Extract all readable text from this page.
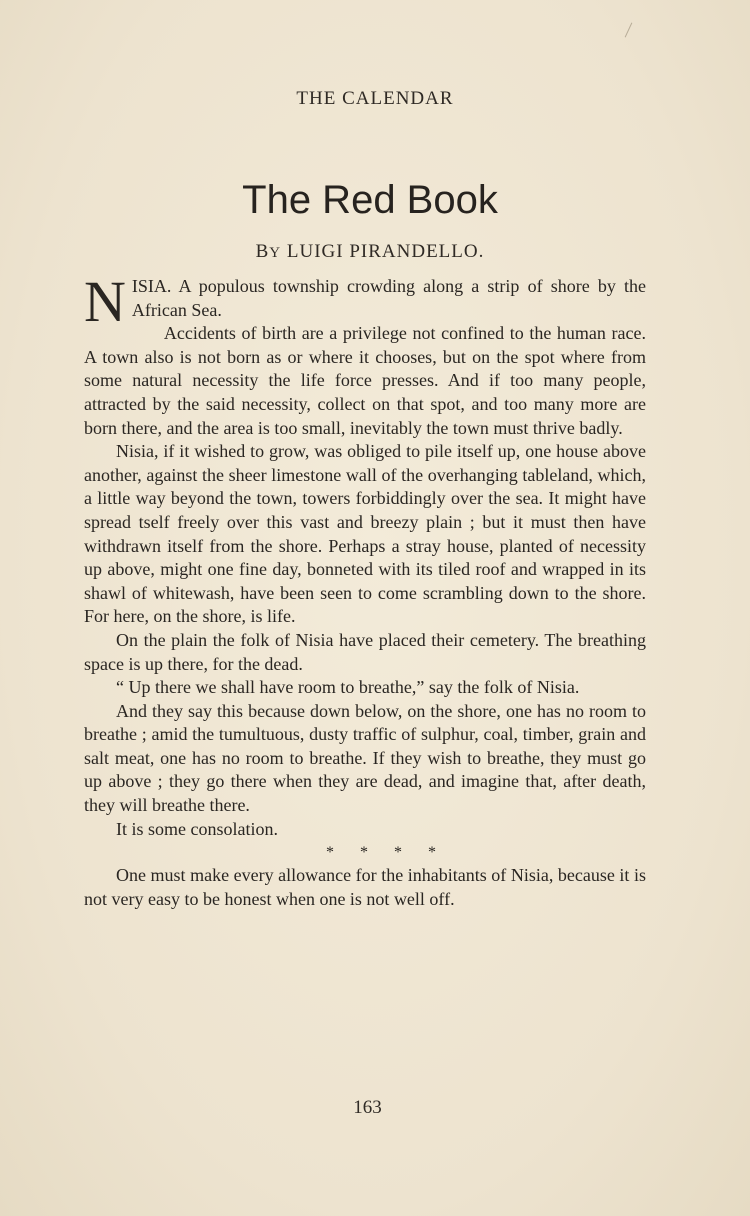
THE CALENDAR
The Red Book
BY LUIGI PIRANDELLO.

NISIA. A populous township crowding along a strip of shore by the African Sea.

Accidents of birth are a privilege not confined to the human race. A town also is not born as or where it chooses, but on the spot where from some natural necessity the life force presses. And if too many people, attracted by the said necessity, collect on that spot, and too many more are born there, and the area is too small, inevitably the town must thrive badly.

Nisia, if it wished to grow, was obliged to pile itself up, one house above another, against the sheer limestone wall of the overhanging tableland, which, a little way beyond the town, towers forbiddingly over the sea. It might have spread tself freely over this vast and breezy plain ; but it must then have withdrawn itself from the shore. Perhaps a stray house, planted of necessity up above, might one fine day, bonneted with its tiled roof and wrapped in its shawl of whitewash, have been seen to come scrambling down to the shore. For here, on the shore, is life.

On the plain the folk of Nisia have placed their cemetery. The breathing space is up there, for the dead.

“ Up there we shall have room to breathe,” say the folk of Nisia.

And they say this because down below, on the shore, one has no room to breathe ; amid the tumultuous, dusty traffic of sulphur, coal, timber, grain and salt meat, one has no room to breathe. If they wish to breathe, they must go up above ; they go there when they are dead, and imagine that, after death, they will breathe there.

It is some consolation.

* * * *

One must make every allowance for the inhabitants of Nisia, because it is not very easy to be honest when one is not well off.

163
